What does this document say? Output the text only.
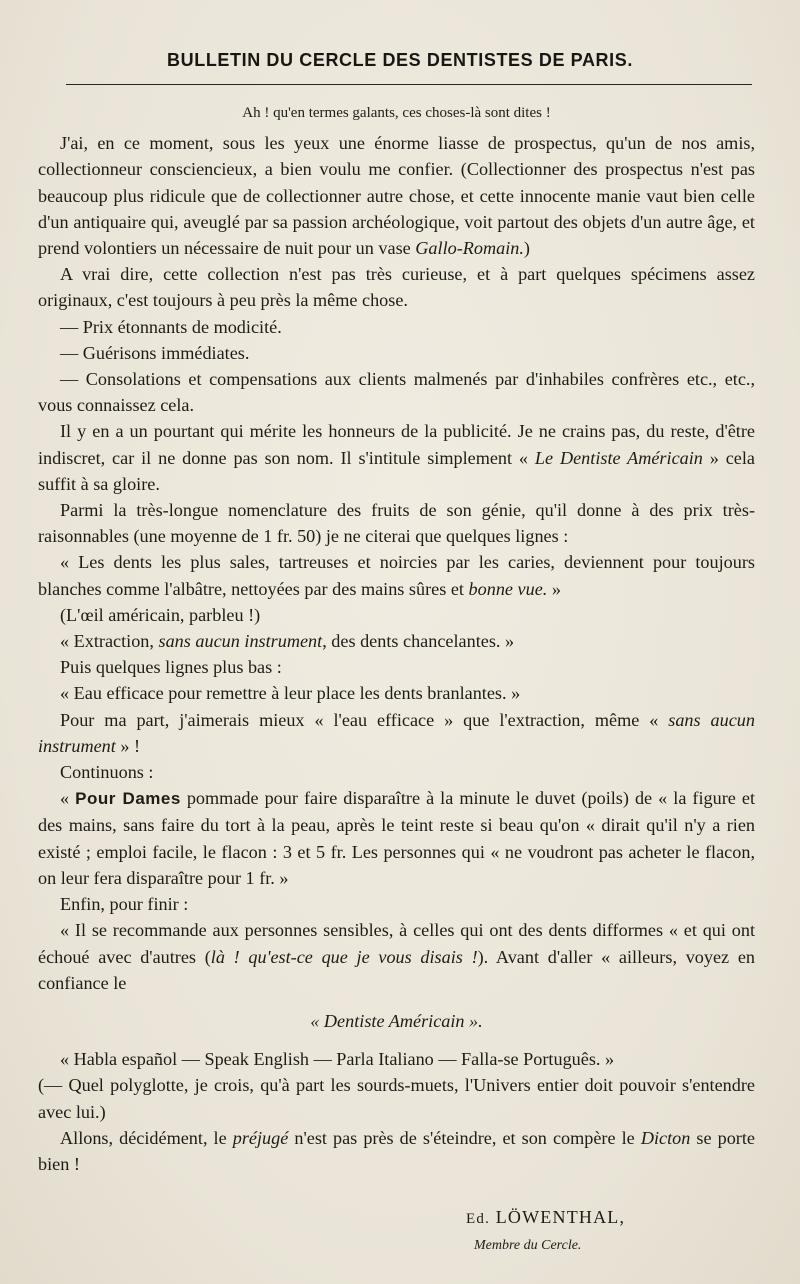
BULLETIN DU CERCLE DES DENTISTES DE PARIS.

Ah ! qu'en termes galants, ces choses-là sont dites !

J'ai, en ce moment, sous les yeux une énorme liasse de prospectus, qu'un de nos amis, collectionneur consciencieux, a bien voulu me confier. (Collectionner des prospectus n'est pas beaucoup plus ridicule que de collectionner autre chose, et cette innocente manie vaut bien celle d'un antiquaire qui, aveuglé par sa passion archéologique, voit partout des objets d'un autre âge, et prend volontiers un nécessaire de nuit pour un vase Gallo-Romain.)

A vrai dire, cette collection n'est pas très curieuse, et à part quelques spécimens assez originaux, c'est toujours à peu près la même chose.

— Prix étonnants de modicité.

— Guérisons immédiates.

— Consolations et compensations aux clients malmenés par d'inhabiles confrères etc., etc., vous connaissez cela.

Il y en a un pourtant qui mérite les honneurs de la publicité. Je ne crains pas, du reste, d'être indiscret, car il ne donne pas son nom. Il s'intitule simplement « Le Dentiste Américain » cela suffit à sa gloire.

Parmi la très-longue nomenclature des fruits de son génie, qu'il donne à des prix très-raisonnables (une moyenne de 1 fr. 50) je ne citerai que quelques lignes :

« Les dents les plus sales, tartreuses et noircies par les caries, deviennent pour toujours blanches comme l'albâtre, nettoyées par des mains sûres et bonne vue. »

(L'œil américain, parbleu !)

« Extraction, sans aucun instrument, des dents chancelantes. »

Puis quelques lignes plus bas :

« Eau efficace pour remettre à leur place les dents branlantes. »

Pour ma part, j'aimerais mieux « l'eau efficace » que l'extraction, même « sans aucun instrument » !

Continuons :

« Pour Dames pommade pour faire disparaître à la minute le duvet (poils) de « la figure et des mains, sans faire du tort à la peau, après le teint reste si beau qu'on « dirait qu'il n'y a rien existé ; emploi facile, le flacon : 3 et 5 fr. Les personnes qui « ne voudront pas acheter le flacon, on leur fera disparaître pour 1 fr. »

Enfin, pour finir :

« Il se recommande aux personnes sensibles, à celles qui ont des dents difformes « et qui ont échoué avec d'autres (là ! qu'est-ce que je vous disais !). Avant d'aller « ailleurs, voyez en confiance le

« Dentiste Américain ».

« Habla español — Speak English — Parla Italiano — Falla-se Português. »

(— Quel polyglotte, je crois, qu'à part les sourds-muets, l'Univers entier doit pouvoir s'entendre avec lui.)

Allons, décidément, le préjugé n'est pas près de s'éteindre, et son compère le Dicton se porte bien !

Ed. LÖWENTHAL,
Membre du Cercle.
